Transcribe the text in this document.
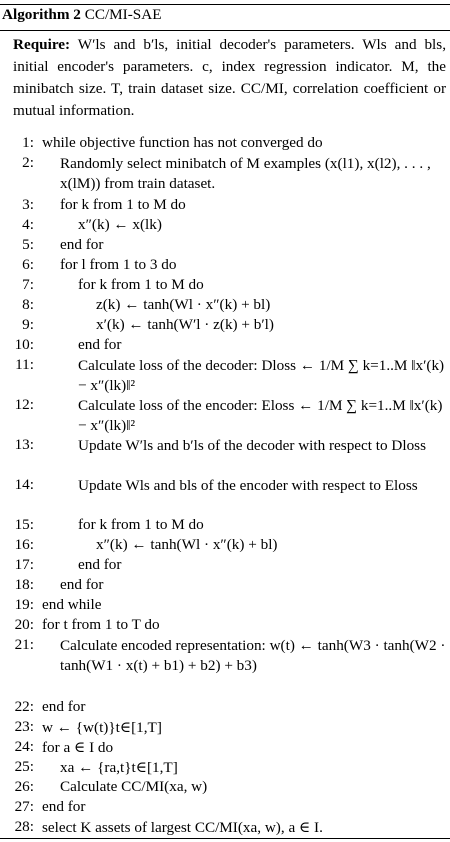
Algorithm 2 CC/MI-SAE
Require: W′ls and b′ls, initial decoder's parameters. Wls and bls, initial encoder's parameters. c, index regression indicator. M, the minibatch size. T, train dataset size. CC/MI, correlation coefficient or mutual information.
1: while objective function has not converged do
2: Randomly select minibatch of M examples (x(l1), x(l2), . . . , x(lM)) from train dataset.
3: for k from 1 to M do
4:	x″(k) ← x(lk)
5: end for
6: for l from 1 to 3 do
7:	for k from 1 to M do
8:	z(k) ← tanh(Wl · x″(k) + bl)
9:	x′(k) ← tanh(W′l · z(k) + b′l)
10:	end for
11:	Calculate loss of the decoder: Dloss ← 1/M ∑ k=1..M ‖x′(k) − x″(lk)‖²
12:	Calculate loss of the encoder: Eloss ← 1/M ∑ k=1..M ‖x′(k) − x″(lk)‖²
13:	Update W′ls and b′ls of the decoder with respect to Dloss
14:	Update Wls and bls of the encoder with respect to Eloss
15:	for k from 1 to M do
16:	x″(k) ← tanh(Wl · x″(k) + bl)
17:	end for
18: end for
19: end while
20: for t from 1 to T do
21: Calculate encoded representation: w(t) ← tanh(W3 · tanh(W2 · tanh(W1 · x(t) + b1) + b2) + b3)
22: end for
23: w ← {w(t)}t∈[1,T]
24: for a ∈ I do
25: xa ← {ra,t}t∈[1,T]
26: Calculate CC/MI(xa, w)
27: end for
28: select K assets of largest CC/MI(xa, w), a ∈ I.
